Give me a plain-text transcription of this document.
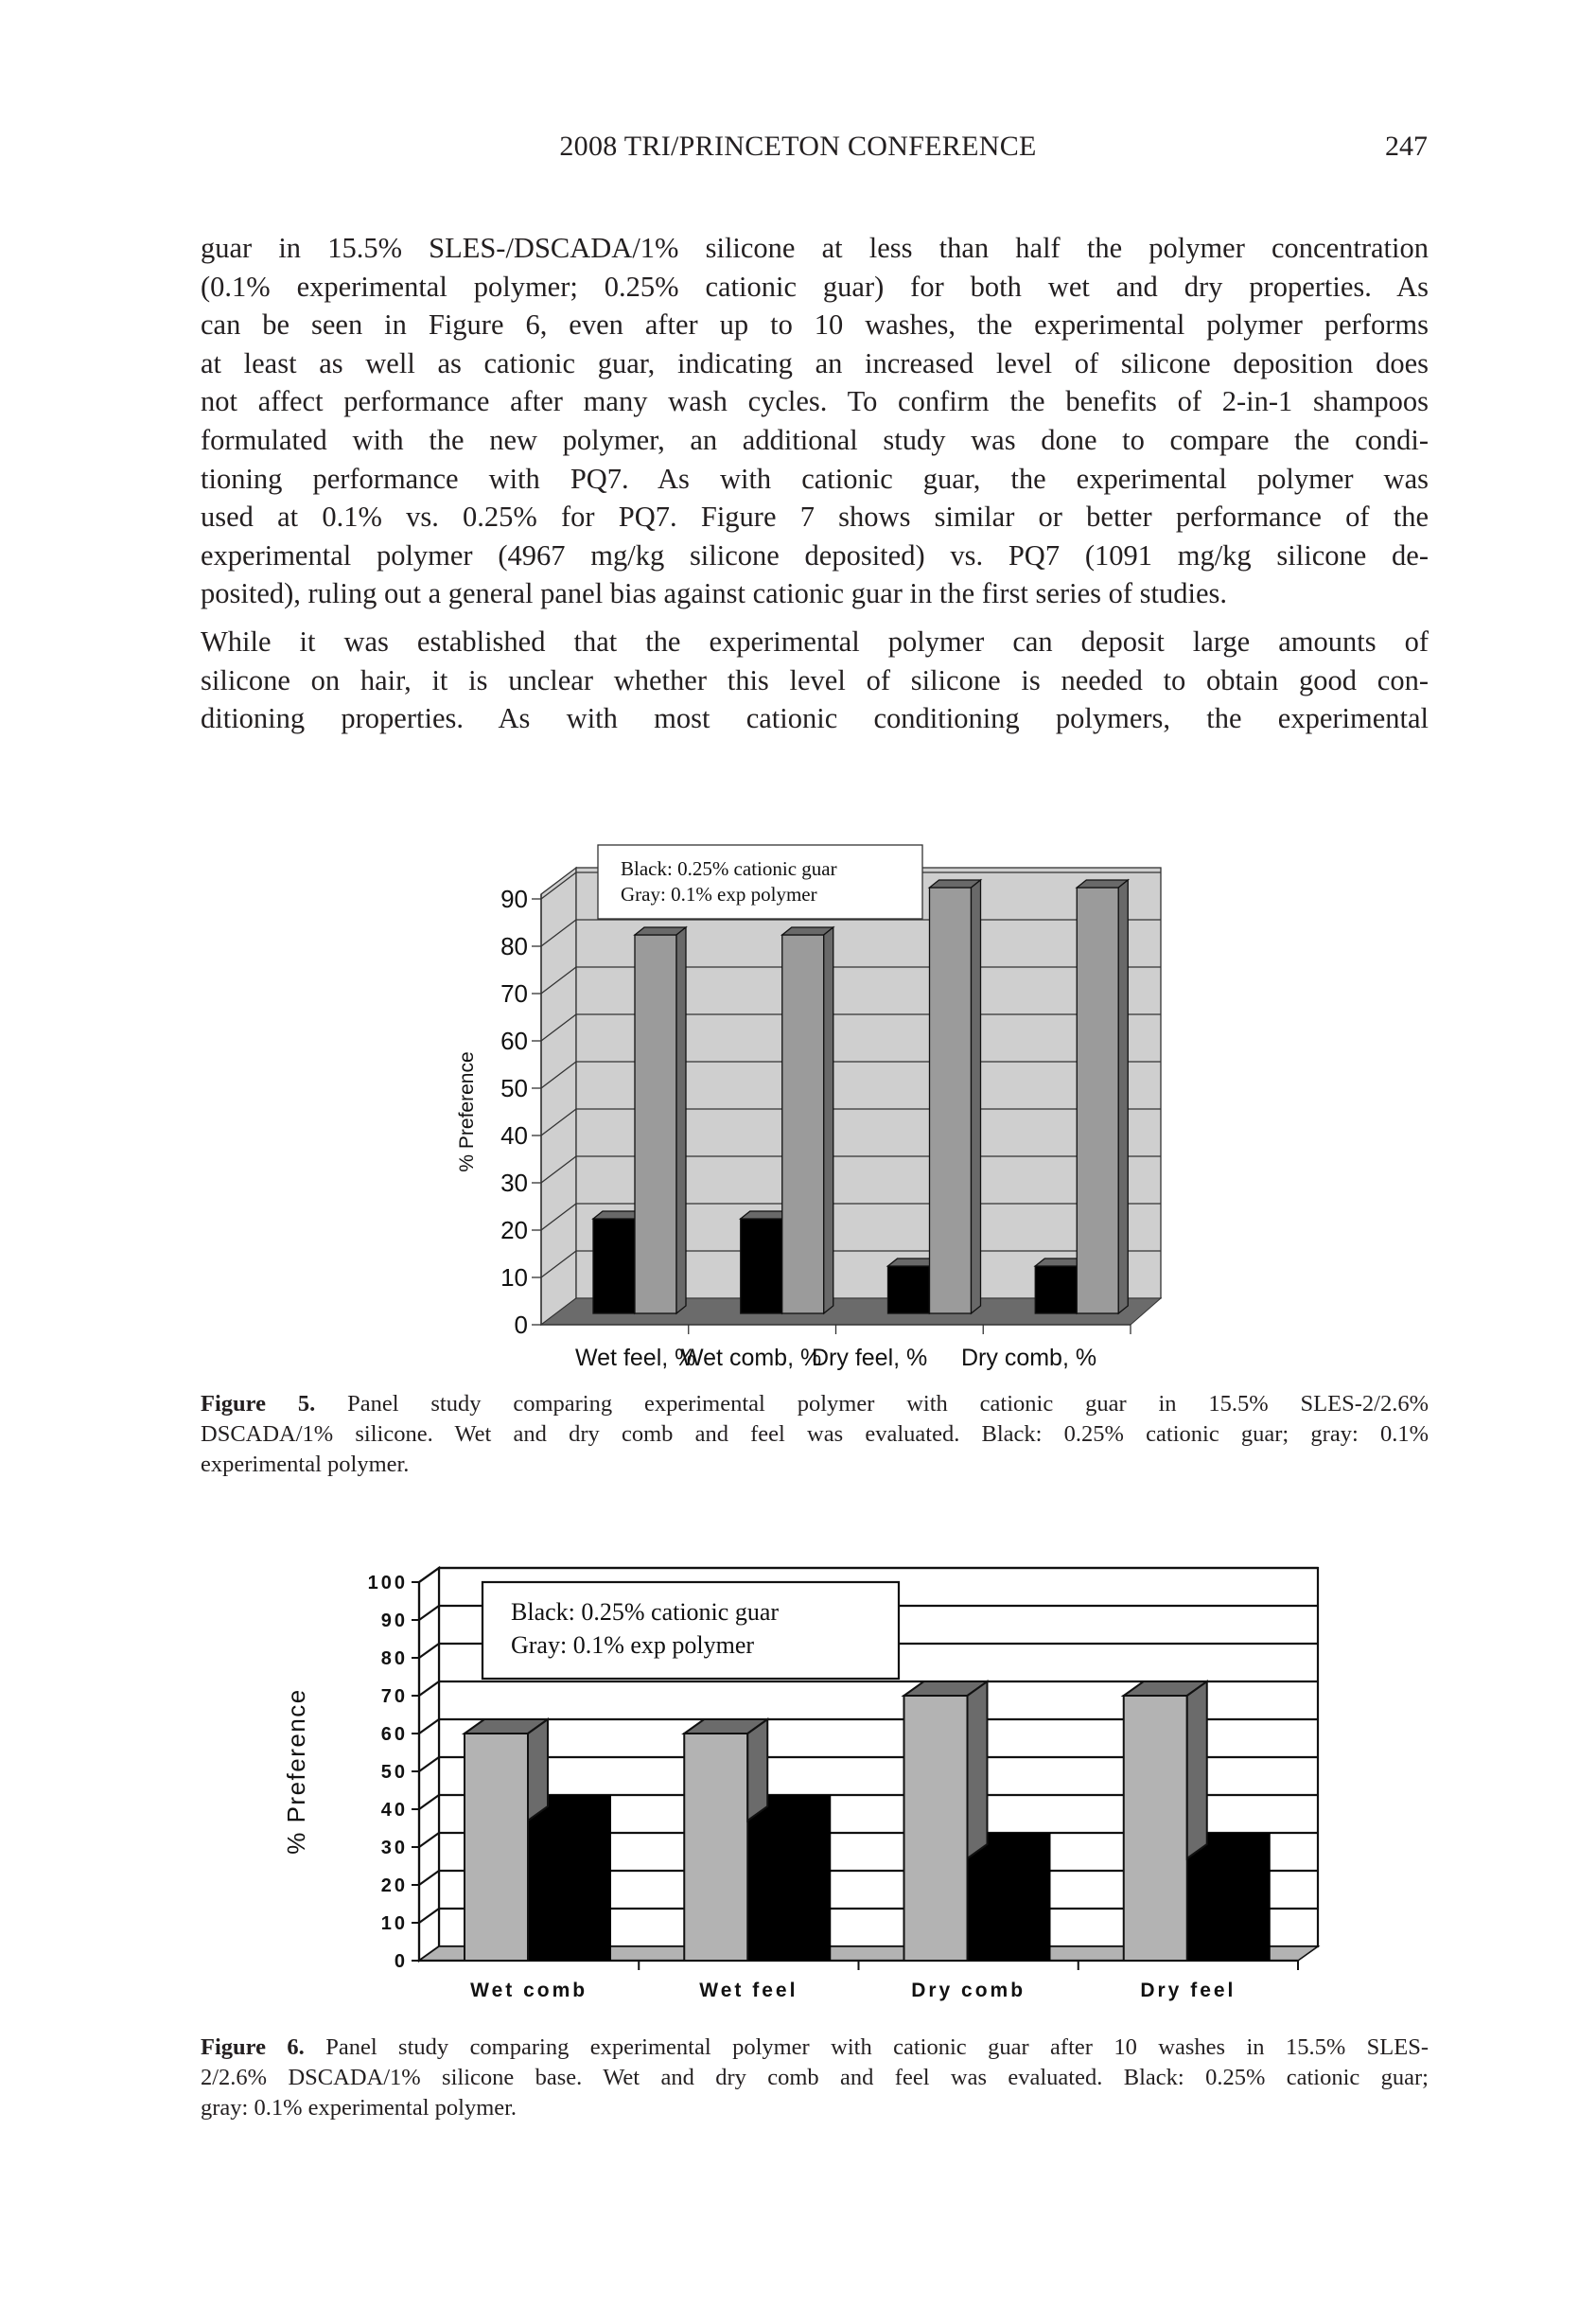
2008 TRI/PRINCETON CONFERENCE	247

guar in 15.5% SLES-/DSCADA/1% silicone at less than half the polymer concentration
(0.1% experimental polymer; 0.25% cationic guar) for both wet and dry properties. As
can be seen in Figure 6, even after up to 10 washes, the experimental polymer performs
at least as well as cationic guar, indicating an increased level of silicone deposition does
not affect performance after many wash cycles. To confirm the benefits of 2-in-1 shampoos
formulated with the new polymer, an additional study was done to compare the condi-
tioning performance with PQ7. As with cationic guar, the experimental polymer was
used at 0.1% vs. 0.25% for PQ7. Figure 7 shows similar or better performance of the
experimental polymer (4967 mg/kg silicone deposited) vs. PQ7 (1091 mg/kg silicone de-
posited), ruling out a general panel bias against cationic guar in the first series of studies.

While it was established that the experimental polymer can deposit large amounts of
silicone on hair, it is unclear whether this level of silicone is needed to obtain good con-
ditioning properties. As with most cationic conditioning polymers, the experimental

0
10
20
30
40
50
60
70
80
90
Wet feel, %
Wet comb, %
Dry feel, % Dry comb, %
% Preference
Black: 0.25% cationic guar
Gray: 0.1% exp polymer
Figure 5. Panel study comparing experimental polymer with cationic guar in 15.5% SLES-2/2.6%
DSCADA/1% silicone. Wet and dry comb and feel was evaluated. Black: 0.25% cationic guar; gray: 0.1%
experimental polymer.
0
10
20
30
40
50
60
70
80
90
100
Wet comb	Wet feel	Dry comb	Dry feel
% Preference
Black: 0.25% cationic guar
Gray: 0.1% exp polymer
Figure 6. Panel study comparing experimental polymer with cationic guar after 10 washes in 15.5% SLES-
2/2.6% DSCADA/1% silicone base. Wet and dry comb and feel was evaluated. Black: 0.25% cationic guar;
gray: 0.1% experimental polymer.
